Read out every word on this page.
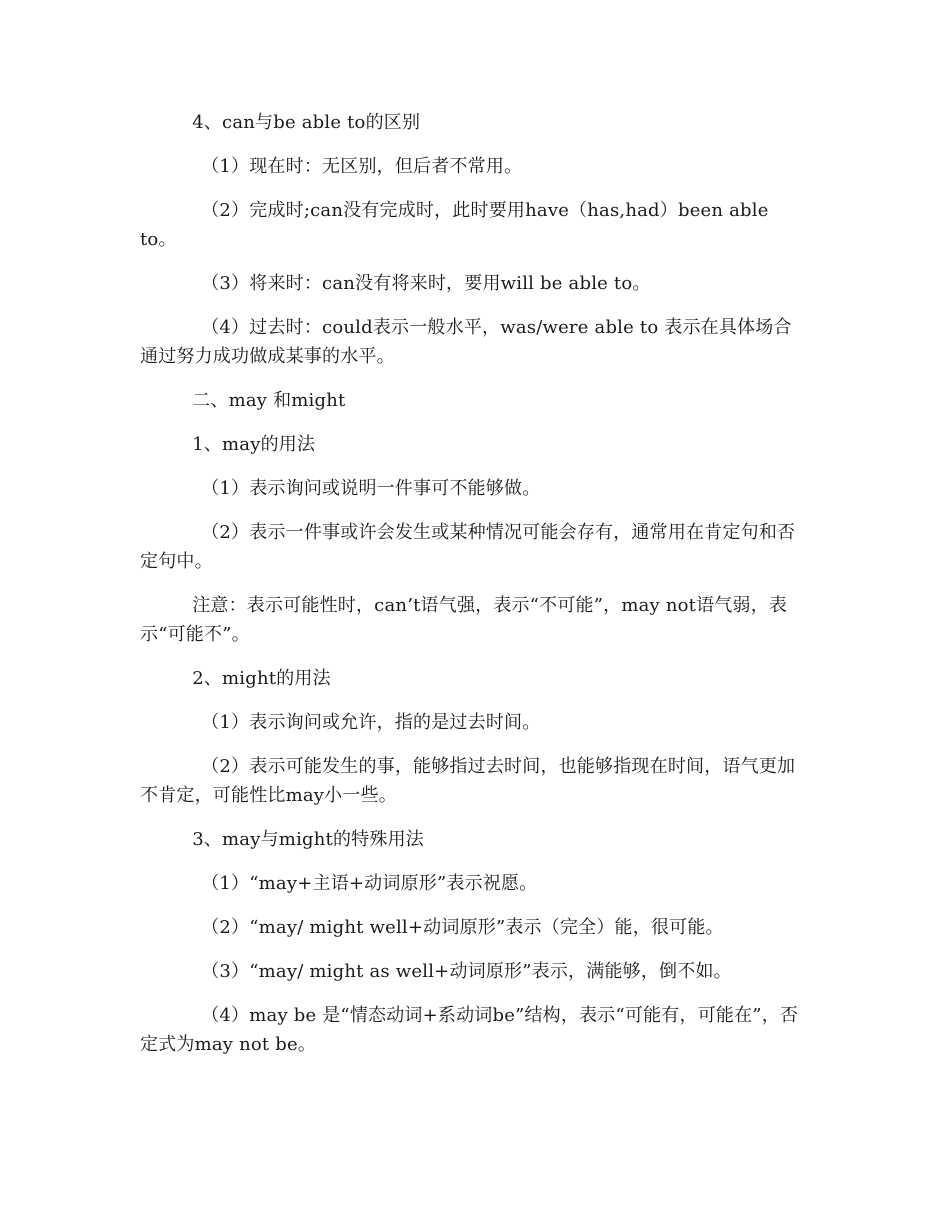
4、can与be able to的区别

（1）现在时：无区别，但后者不常用。

（2）完成时;can没有完成时，此时要用have（has,had）been able to。

（3）将来时：can没有将来时，要用will be able to。

（4）过去时：could表示一般水平，was/were able to 表示在具体场合通过努力成功做成某事的水平。

二、may 和might

1、may的用法

（1）表示询问或说明一件事可不能够做。

（2）表示一件事或许会发生或某种情况可能会存有，通常用在肯定句和否定句中。

注意：表示可能性时，can’t语气强，表示“不可能”，may not语气弱，表示“可能不”。

2、might的用法

（1）表示询问或允许，指的是过去时间。

（2）表示可能发生的事，能够指过去时间，也能够指现在时间，语气更加不肯定，可能性比may小一些。

3、may与might的特殊用法

（1）“may+主语+动词原形”表示祝愿。

（2）“may/ might well+动词原形”表示（完全）能，很可能。

（3）“may/ might as well+动词原形”表示，满能够，倒不如。

（4）may be 是“情态动词+系动词be”结构，表示“可能有，可能在”，否定式为may not be。
